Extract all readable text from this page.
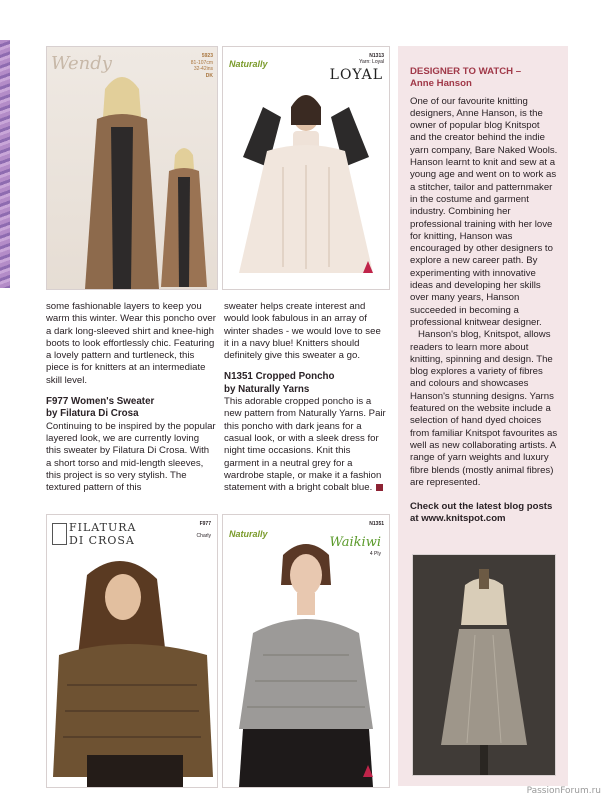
Wendy	5923
81-107cm
32-42ins
DK
Naturally
N1313
Yarn: Loyal
LOYAL	DESIGNER TO WATCH –
Anne Hanson

One of our favourite knitting designers, Anne Hanson, is the owner of popular blog Knitspot and the creator behind the indie yarn company, Bare Naked Wools. Hanson learnt to knit and sew at a young age and went on to work as a stitcher, tailor and patternmaker in the costume and garment industry. Combining her professional training with her love for knitting, Hanson was encouraged by other designers to explore a new career path. By experimenting with innovative ideas and developing her skills over many years, Hanson succeeded in becoming a professional knitwear designer.

Hanson's blog, Knitspot, allows readers to learn more about knitting, spinning and design. The blog explores a variety of fibres and colours and showcases Hanson's stunning designs. Yarns featured on the website include a selection of hand dyed choices from familiar Knitspot favourites as well as new collaborating artists. A range of yarn weights and luxury fibre blends (mostly animal fibres) are represented.

Check out the latest blog posts at www.knitspot.com

some fashionable layers to keep you warm this winter. Wear this poncho over a dark long-sleeved shirt and knee-high boots to look effortlessly chic. Featuring a lovely pattern and turtleneck, this piece is for knitters at an intermediate skill level.

F977 Women's Sweater
by Filatura Di Crosa

Continuing to be inspired by the popular layered look, we are currently loving this sweater by Filatura Di Crosa. With a short torso and mid-length sleeves, this project is so very stylish. The textured pattern of this

sweater helps create interest and would look fabulous in an array of winter shades - we would love to see it in a navy blue! Knitters should definitely give this sweater a go.

N1351 Cropped Poncho
by Naturally Yarns

This adorable cropped poncho is a new pattern from Naturally Yarns. Pair this poncho with dark jeans for a casual look, or with a sleek dress for night time occasions. Knit this garment in a neutral grey for a wardrobe staple, or make it a fashion statement with a bright cobalt blue.

FILATURA
DI CROSA
F977
Charly Naturally
N1351
Waikiwi
4 Ply
PassionForum.ru
